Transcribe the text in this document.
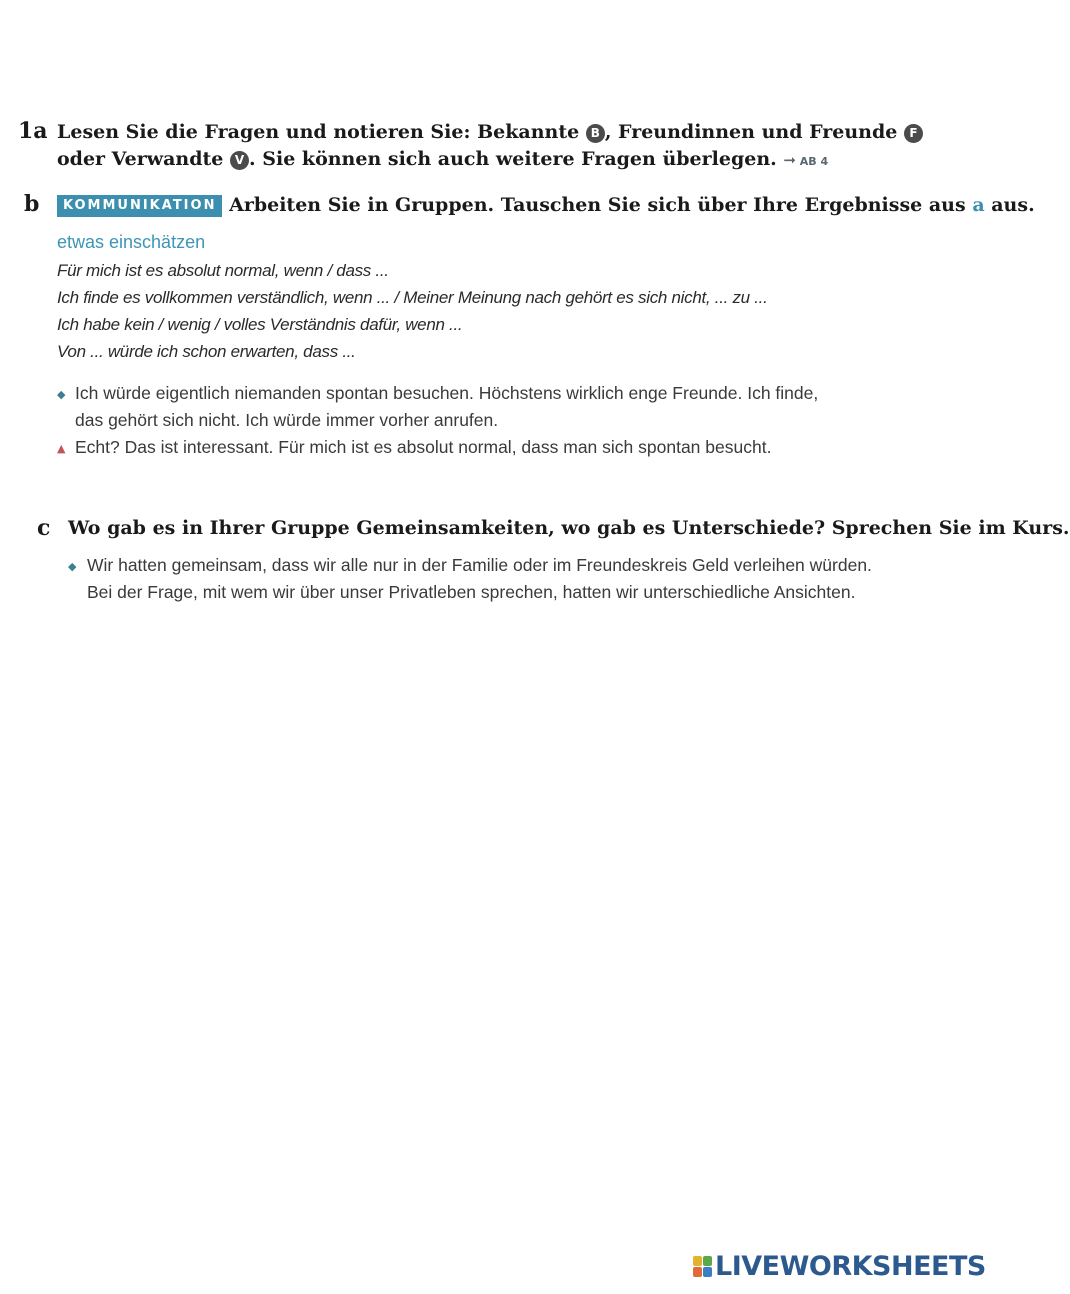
1a Lesen Sie die Fragen und notieren Sie: Bekannte B , Freundinnen und Freunde F
oder Verwandte V . Sie können sich auch weitere Fragen überlegen. ➞ AB 4
b	KOMMUNIKATION Arbeiten Sie in Gruppen. Tauschen Sie sich über Ihre Ergebnisse aus a aus.
etwas einschätzen
Für mich ist es absolut normal, wenn / dass ...
Ich finde es vollkommen verständlich, wenn ... / Meiner Meinung nach gehört es sich nicht, ... zu ...
Ich habe kein / wenig / volles Verständnis dafür, wenn ...
Von ... würde ich schon erwarten, dass ...
◆ Ich würde eigentlich niemanden spontan besuchen. Höchstens wirklich enge Freunde. Ich finde,
das gehört sich nicht. Ich würde immer vorher anrufen.
▲ Echt? Das ist interessant. Für mich ist es absolut normal, dass man sich spontan besucht.
c Wo gab es in Ihrer Gruppe Gemeinsamkeiten, wo gab es Unterschiede? Sprechen Sie im Kurs.
◆ Wir hatten gemeinsam, dass wir alle nur in der Familie oder im Freundeskreis Geld verleihen würden.
Bei der Frage, mit wem wir über unser Privatleben sprechen, hatten wir unterschiedliche Ansichten.
LIVEWORKSHEETS
